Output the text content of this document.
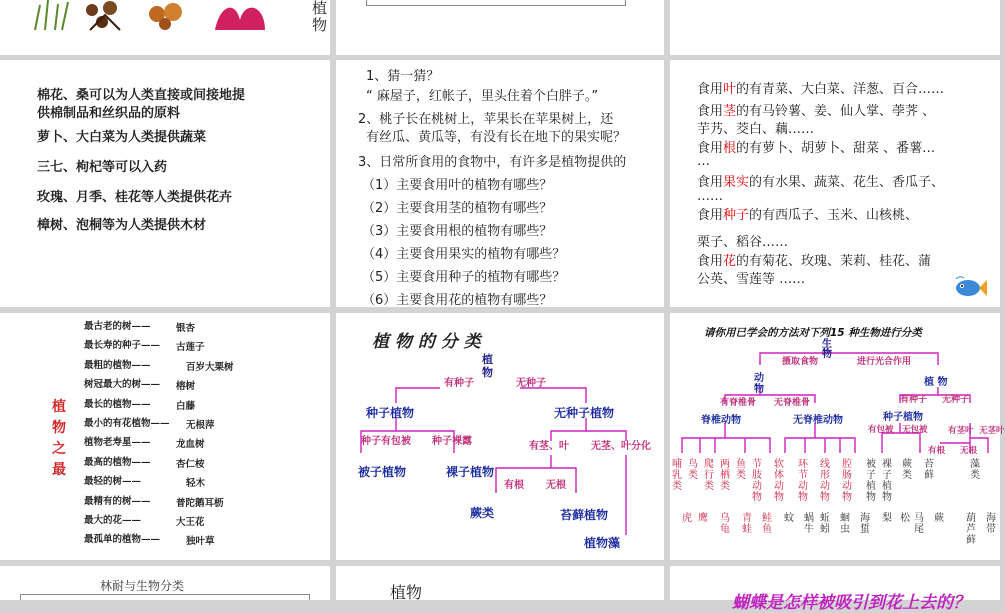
植物
棉花、桑可以为人类直接或间接地提
供棉制品和丝织品的原料
萝卜、大白菜为人类提供蔬菜
三七、枸杞等可以入药
玫瑰、月季、桂花等人类提供花卉
樟树、泡桐等为人类提供木材
1、猜一猜？
“ 麻屋子，红帐子，里头住着个白胖子。”
2、桃子长在桃树上，苹果长在苹果树上，还
有丝瓜、黄瓜等，有没有长在地下的果实呢？
3、日常所食用的食物中，有许多是植物提供的
（1）主要食用叶的植物有哪些？
（2）主要食用茎的植物有哪些？
（3）主要食用根的植物有哪些？
（4）主要食用果实的植物有哪些？
（5）主要食用种子的植物有哪些？
（6）主要食用花的植物有哪些？
食用叶的有青菜、大白菜、洋葱、百合……
食用茎的有马铃薯、姜、仙人掌、荸荠 、
芋艿、茭白、藕……
食用根的有萝卜、胡萝卜、甜菜 、番薯…
…
食用果实的有水果、蔬菜、花生、香瓜子、
……
食用种子的有西瓜子、玉米、山核桃、
栗子、稻谷……
食用花的有菊花、玫瑰、茉莉、桂花、蒲
公英、雪莲等 ……
植
物
之
最
最古老的树——	银杏
最长寿的种子—— 古莲子
最粗的植物——	百岁大栗树
树冠最大的树—— 榕树
最长的植物——	白藤
最小的有花植物—— 无根萍
植物老寿星——	龙血树
最高的植物——	杏仁桉
最轻的树——	轻木
最精有的树——	普陀鹅耳枥
最大的花——	大王花
最孤单的植物——	独叶草
植 物 的 分 类
植物
有种子	无种子
种子植物	无种子植物
种子有包被 种子裸露	有茎、叶 无茎、叶分化
被子植物	裸子植物
有根 无根
蕨类	苔藓植物
植物藻
请你用已学会的方法对下列15 种生物进行分类
生物
摄取食物	进行光合作用
动物
植 物
有脊椎骨 无脊椎骨	有种子 无种子
脊椎动物	无脊椎动物	种子植物
有包被 无包被 有茎叶 无茎叶
有根 无根
哺乳类
鸟类
爬行类
两栖类
鱼类
节肢动物
软体动物
环节动物
线形动物
腔肠动物
被子植物
裸子植物
蕨类
苔藓
藻类
虎 鹰 乌龟
青蛙
鲑鱼
蚊 蜗牛
蚯蚓
蛔虫
海蜇
梨 松 马尾
蕨 葫芦藓
海带
林耐与生物分类	植物
蝴蝶是怎样被吸引到花上去的？
